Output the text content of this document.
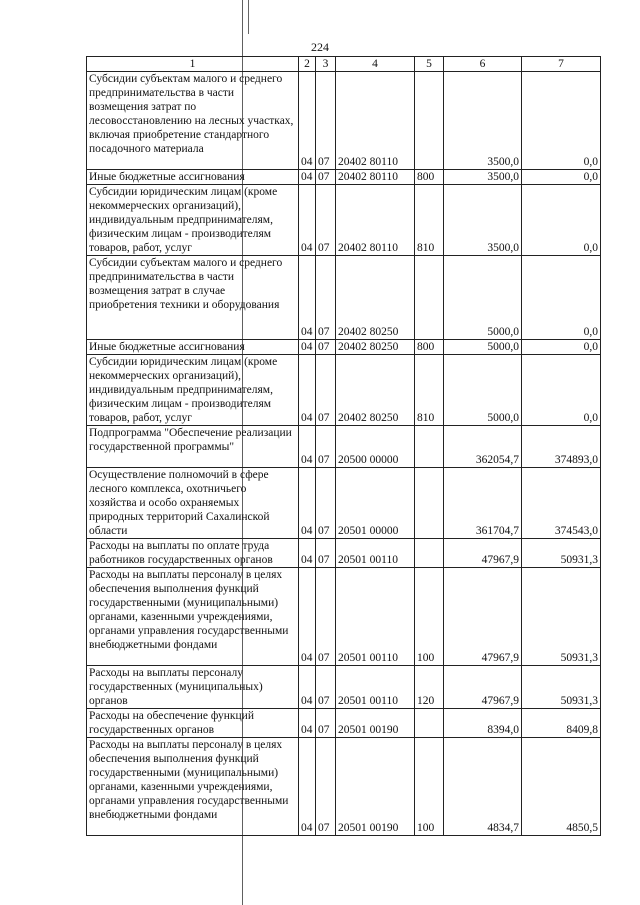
224
1	2	3	4	5	6	7
Субсидии субъектам малого и среднего предпринимательства в части возмещения затрат по лесовосстановлению на лесных участках, включая приобретение стандартного посадочного материала	04	07	20402 80110		3500,0	0,0
Иные бюджетные ассигнования	04	07	20402 80110	800	3500,0	0,0
Субсидии юридическим лицам (кроме некоммерческих организаций), индивидуальным предпринимателям, физическим лицам - производителям товаров, работ, услуг	04	07	20402 80110	810	3500,0	0,0
Субсидии субъектам малого и среднего предпринимательства в части возмещения затрат в случае приобретения техники и оборудования	04	07	20402 80250		5000,0	0,0
Иные бюджетные ассигнования	04	07	20402 80250	800	5000,0	0,0
Субсидии юридическим лицам (кроме некоммерческих организаций), индивидуальным предпринимателям, физическим лицам - производителям товаров, работ, услуг	04	07	20402 80250	810	5000,0	0,0
Подпрограмма "Обеспечение реализации государственной программы"	04	07	20500 00000		362054,7	374893,0
Осуществление полномочий в сфере лесного комплекса, охотничьего хозяйства и особо охраняемых природных территорий Сахалинской области	04	07	20501 00000		361704,7	374543,0
Расходы на выплаты по оплате труда работников государственных органов	04	07	20501 00110		47967,9	50931,3
Расходы на выплаты персоналу в целях обеспечения выполнения функций государственными (муниципальными) органами, казенными учреждениями, органами управления государственными внебюджетными фондами	04	07	20501 00110	100	47967,9	50931,3
Расходы на выплаты персоналу государственных (муниципальных) органов	04	07	20501 00110	120	47967,9	50931,3
Расходы на обеспечение функций государственных органов	04	07	20501 00190		8394,0	8409,8
Расходы на выплаты персоналу в целях обеспечения выполнения функций государственными (муниципальными) органами, казенными учреждениями, органами управления государственными внебюджетными фондами	04	07	20501 00190	100	4834,7	4850,5
